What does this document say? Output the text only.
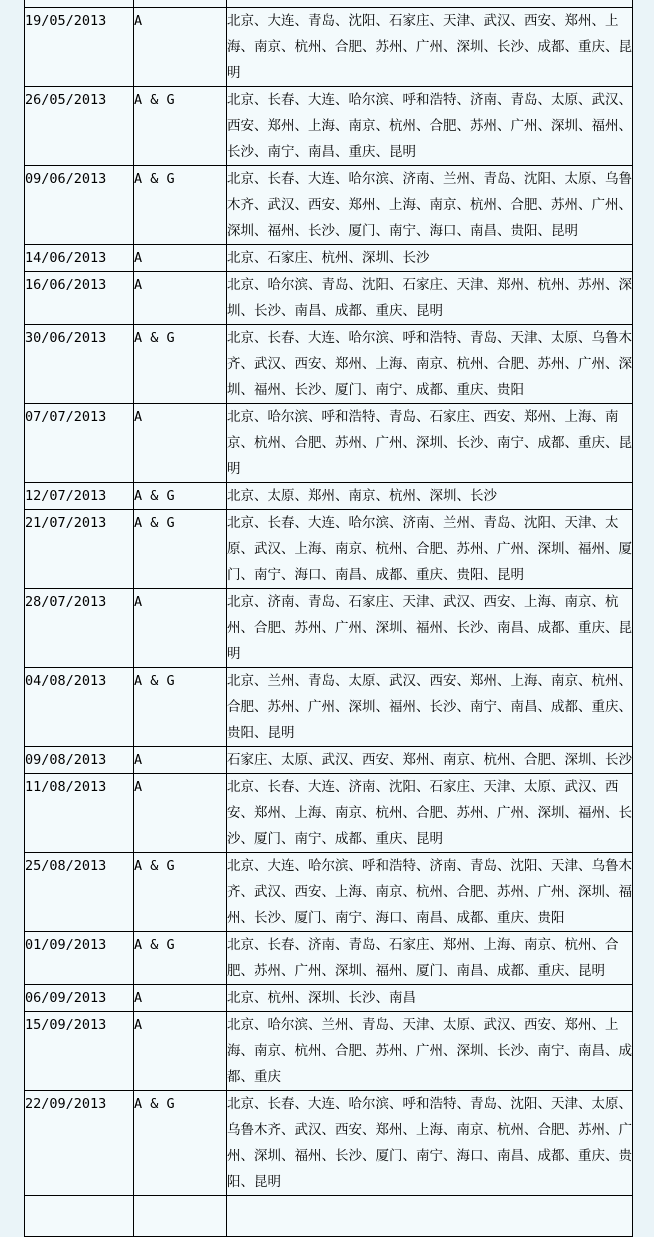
19/05/2013	A	北京、大连、青岛、沈阳、石家庄、天津、武汉、西安、郑州、上海、南京、杭州、合肥、苏州、广州、深圳、长沙、成都、重庆、昆明
26/05/2013	A & G	北京、长春、大连、哈尔滨、呼和浩特、济南、青岛、太原、武汉、西安、郑州、上海、南京、杭州、合肥、苏州、广州、深圳、福州、长沙、南宁、南昌、重庆、昆明
09/06/2013	A & G	北京、长春、大连、哈尔滨、济南、兰州、青岛、沈阳、太原、乌鲁木齐、武汉、西安、郑州、上海、南京、杭州、合肥、苏州、广州、深圳、福州、长沙、厦门、南宁、海口、南昌、贵阳、昆明
14/06/2013	A	北京、石家庄、杭州、深圳、长沙
16/06/2013	A	北京、哈尔滨、青岛、沈阳、石家庄、天津、郑州、杭州、苏州、深圳、长沙、南昌、成都、重庆、昆明
30/06/2013	A & G	北京、长春、大连、哈尔滨、呼和浩特、青岛、天津、太原、乌鲁木齐、武汉、西安、郑州、上海、南京、杭州、合肥、苏州、广州、深圳、福州、长沙、厦门、南宁、成都、重庆、贵阳
07/07/2013	A	北京、哈尔滨、呼和浩特、青岛、石家庄、西安、郑州、上海、南京、杭州、合肥、苏州、广州、深圳、长沙、南宁、成都、重庆、昆明
12/07/2013	A & G	北京、太原、郑州、南京、杭州、深圳、长沙
21/07/2013	A & G	北京、长春、大连、哈尔滨、济南、兰州、青岛、沈阳、天津、太原、武汉、上海、南京、杭州、合肥、苏州、广州、深圳、福州、厦门、南宁、海口、南昌、成都、重庆、贵阳、昆明
28/07/2013	A	北京、济南、青岛、石家庄、天津、武汉、西安、上海、南京、杭州、合肥、苏州、广州、深圳、福州、长沙、南昌、成都、重庆、昆明
04/08/2013	A & G	北京、兰州、青岛、太原、武汉、西安、郑州、上海、南京、杭州、合肥、苏州、广州、深圳、福州、长沙、南宁、南昌、成都、重庆、贵阳、昆明
09/08/2013	A	石家庄、太原、武汉、西安、郑州、南京、杭州、合肥、深圳、长沙
11/08/2013	A	北京、长春、大连、济南、沈阳、石家庄、天津、太原、武汉、西安、郑州、上海、南京、杭州、合肥、苏州、广州、深圳、福州、长沙、厦门、南宁、成都、重庆、昆明
25/08/2013	A & G	北京、大连、哈尔滨、呼和浩特、济南、青岛、沈阳、天津、乌鲁木齐、武汉、西安、上海、南京、杭州、合肥、苏州、广州、深圳、福州、长沙、厦门、南宁、海口、南昌、成都、重庆、贵阳
01/09/2013	A & G	北京、长春、济南、青岛、石家庄、郑州、上海、南京、杭州、合肥、苏州、广州、深圳、福州、厦门、南昌、成都、重庆、昆明
06/09/2013	A	北京、杭州、深圳、长沙、南昌
15/09/2013	A	北京、哈尔滨、兰州、青岛、天津、太原、武汉、西安、郑州、上海、南京、杭州、合肥、苏州、广州、深圳、长沙、南宁、南昌、成都、重庆
22/09/2013	A & G	北京、长春、大连、哈尔滨、呼和浩特、青岛、沈阳、天津、太原、乌鲁木齐、武汉、西安、郑州、上海、南京、杭州、合肥、苏州、广州、深圳、福州、长沙、厦门、南宁、海口、南昌、成都、重庆、贵阳、昆明
